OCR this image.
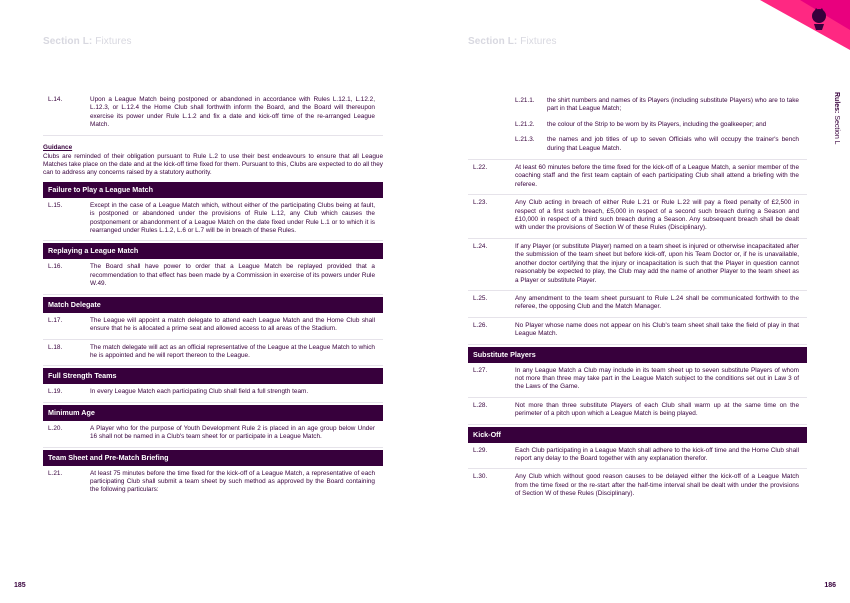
Section L: Fixtures
L.14.	Upon a League Match being postponed or abandoned in accordance with Rules L.12.1, L.12.2, L.12.3, or L.12.4 the Home Club shall forthwith inform the Board, and the Board will thereupon exercise its power under Rule L.1.2 and fix a date and kick-off time of the re-arranged League Match.
Guidance
Clubs are reminded of their obligation pursuant to Rule L.2 to use their best endeavours to ensure that all League Matches take place on the date and at the kick-off time fixed for them. Pursuant to this, Clubs are expected to do all they can to address any concerns raised by a statutory authority.
Failure to Play a League Match
L.15.	Except in the case of a League Match which, without either of the participating Clubs being at fault, is postponed or abandoned under the provisions of Rule L.12, any Club which causes the postponement or abandonment of a League Match on the date fixed under Rule L.1 or to which it is rearranged under Rules L.1.2, L.6 or L.7 will be in breach of these Rules.
Replaying a League Match
L.16.	The Board shall have power to order that a League Match be replayed provided that a recommendation to that effect has been made by a Commission in exercise of its powers under Rule W.49.
Match Delegate
L.17.	The League will appoint a match delegate to attend each League Match and the Home Club shall ensure that he is allocated a prime seat and allowed access to all areas of the Stadium.
L.18.	The match delegate will act as an official representative of the League at the League Match to which he is appointed and he will report thereon to the League.
Full Strength Teams
L.19.	In every League Match each participating Club shall field a full strength team.
Minimum Age
L.20.	A Player who for the purpose of Youth Development Rule 2 is placed in an age group below Under 16 shall not be named in a Club's team sheet for or participate in a League Match.
Team Sheet and Pre-Match Briefing
L.21.	At least 75 minutes before the time fixed for the kick-off of a League Match, a representative of each participating Club shall submit a team sheet by such method as approved by the Board containing the following particulars:
185
Section L: Fixtures
Rules: Section L
L.21.1.	the shirt numbers and names of its Players (including substitute Players) who are to take part in that League Match;
L.21.2.	the colour of the Strip to be worn by its Players, including the goalkeeper; and
L.21.3.	the names and job titles of up to seven Officials who will occupy the trainer's bench during that League Match.
L.22.	At least 60 minutes before the time fixed for the kick-off of a League Match, a senior member of the coaching staff and the first team captain of each participating Club shall attend a briefing with the referee.
L.23.	Any Club acting in breach of either Rule L.21 or Rule L.22 will pay a fixed penalty of £2,500 in respect of a first such breach, £5,000 in respect of a second such breach during a Season and £10,000 in respect of a third such breach during a Season. Any subsequent breach shall be dealt with under the provisions of Section W of these Rules (Disciplinary).
L.24.	If any Player (or substitute Player) named on a team sheet is injured or otherwise incapacitated after the submission of the team sheet but before kick-off, upon his Team Doctor or, if he is unavailable, another doctor certifying that the injury or incapacitation is such that the Player in question cannot reasonably be expected to play, the Club may add the name of another Player to the team sheet as a Player or substitute Player.
L.25.	Any amendment to the team sheet pursuant to Rule L.24 shall be communicated forthwith to the referee, the opposing Club and the Match Manager.
L.26.	No Player whose name does not appear on his Club's team sheet shall take the field of play in that League Match.
Substitute Players
L.27.	In any League Match a Club may include in its team sheet up to seven substitute Players of whom not more than three may take part in the League Match subject to the conditions set out in Law 3 of the Laws of the Game.
L.28.	Not more than three substitute Players of each Club shall warm up at the same time on the perimeter of a pitch upon which a League Match is being played.
Kick-Off
L.29.	Each Club participating in a League Match shall adhere to the kick-off time and the Home Club shall report any delay to the Board together with any explanation therefor.
L.30.	Any Club which without good reason causes to be delayed either the kick-off of a League Match from the time fixed or the re-start after the half-time interval shall be dealt with under the provisions of Section W of these Rules (Disciplinary).
186
